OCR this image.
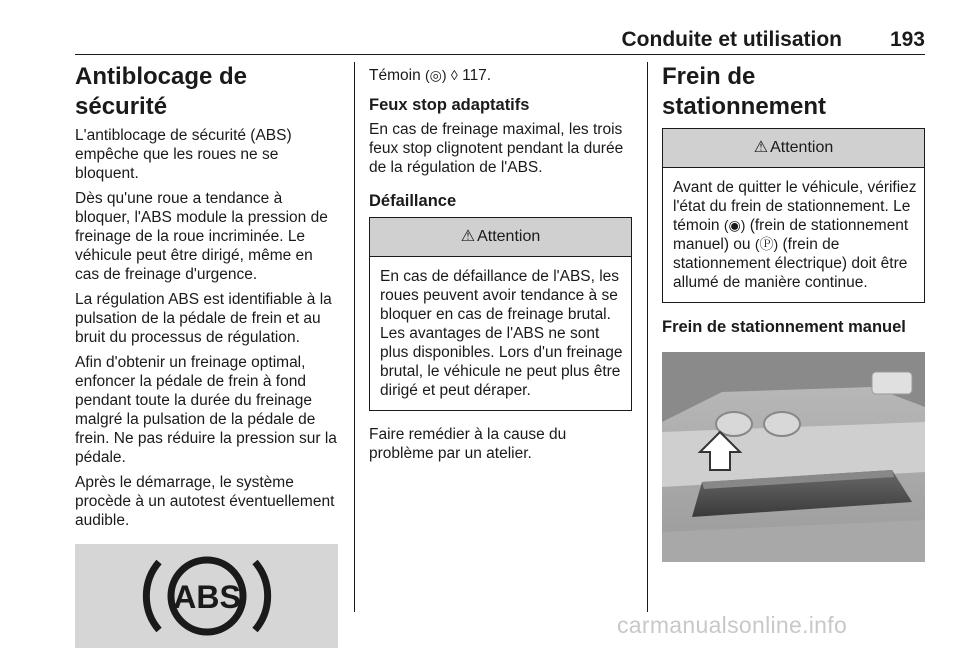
Conduite et utilisation 193
Antiblocage de sécurité

L'antiblocage de sécurité (ABS) empêche que les roues ne se bloquent.

Dès qu'une roue a tendance à bloquer, l'ABS module la pression de freinage de la roue incriminée. Le véhicule peut être dirigé, même en cas de freinage d'urgence.

La régulation ABS est identifiable à la pulsation de la pédale de frein et au bruit du processus de régulation.

Afin d'obtenir un freinage optimal, enfoncer la pédale de frein à fond pendant toute la durée du freinage malgré la pulsation de la pédale de frein. Ne pas réduire la pression sur la pédale.

Après le démarrage, le système procède à un autotest éventuellement audible.

ABS

Témoin (◎) ◊ 117.

Feux stop adaptatifs

En cas de freinage maximal, les trois feux stop clignotent pendant la durée de la régulation de l'ABS.

Défaillance
⚠ Attention
En cas de défaillance de l'ABS, les roues peuvent avoir tendance à se bloquer en cas de freinage brutal. Les avantages de l'ABS ne sont plus disponibles. Lors d'un freinage brutal, le véhicule ne peut plus être dirigé et peut déraper.

Faire remédier à la cause du problème par un atelier.

Frein de stationnement
⚠ Attention
Avant de quitter le véhicule, vérifiez l'état du frein de stationnement. Le témoin (◉) (frein de stationnement manuel) ou (Ⓟ) (frein de stationnement électrique) doit être allumé de manière continue.
Frein de stationnement manuel
carmanualsonline.info
